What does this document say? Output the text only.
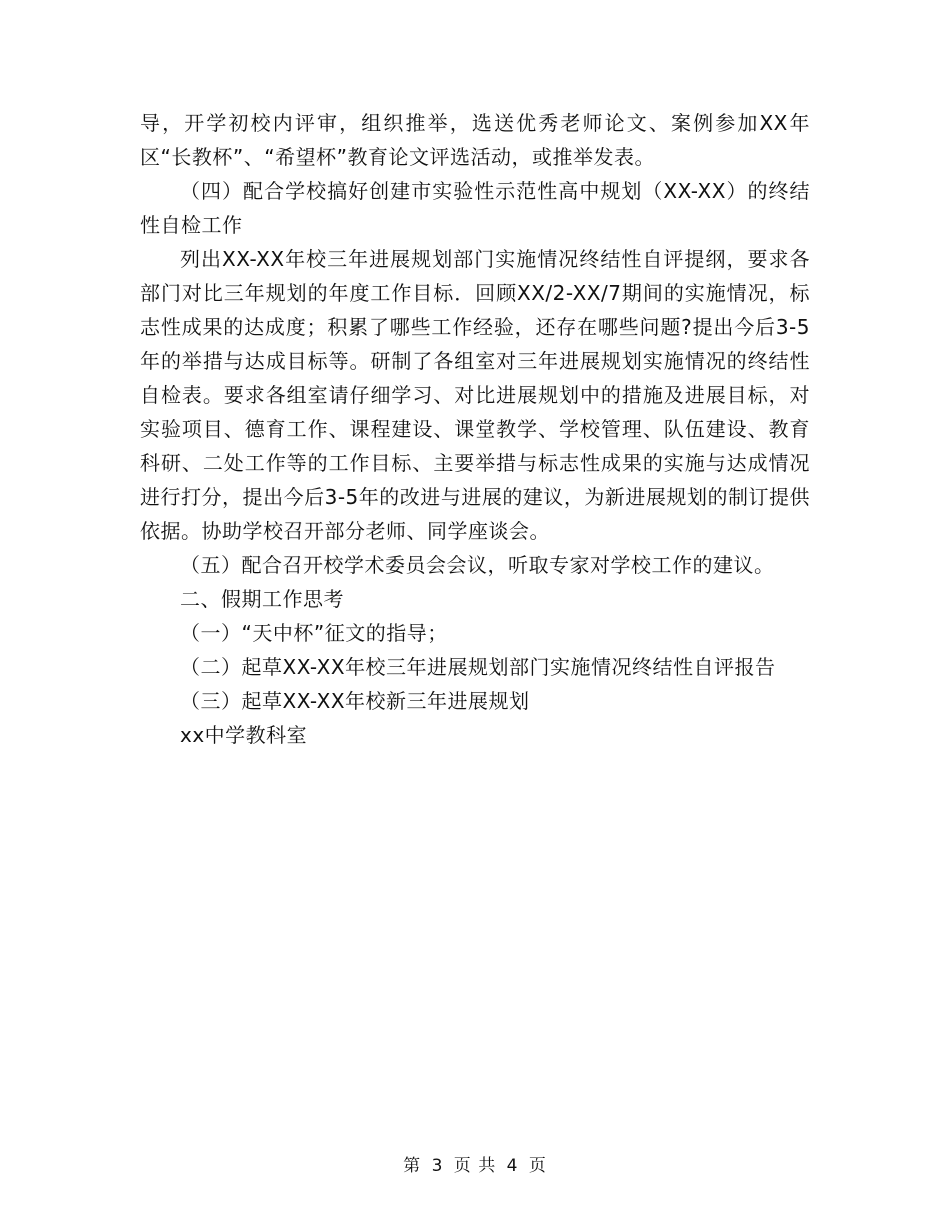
导，开学初校内评审，组织推举，选送优秀老师论文、案例参加XX年区“长教杯”、“希望杯”教育论文评选活动，或推举发表。

（四）配合学校搞好创建市实验性示范性高中规划（XX-XX）的终结性自检工作

列出XX-XX年校三年进展规划部门实施情况终结性自评提纲，要求各部门对比三年规划的年度工作目标．回顾XX/2-XX/7期间的实施情况，标志性成果的达成度；积累了哪些工作经验，还存在哪些问题?提出今后3-5年的举措与达成目标等。研制了各组室对三年进展规划实施情况的终结性自检表。要求各组室请仔细学习、对比进展规划中的措施及进展目标，对实验项目、德育工作、课程建设、课堂教学、学校管理、队伍建设、教育科研、二处工作等的工作目标、主要举措与标志性成果的实施与达成情况进行打分，提出今后3-5年的改进与进展的建议，为新进展规划的制订提供依据。协助学校召开部分老师、同学座谈会。

（五）配合召开校学术委员会会议，听取专家对学校工作的建议。

二、假期工作思考

（一）“天中杯”征文的指导；

（二）起草XX-XX年校三年进展规划部门实施情况终结性自评报告

（三）起草XX-XX年校新三年进展规划

xx中学教科室

第 3 页 共 4 页
